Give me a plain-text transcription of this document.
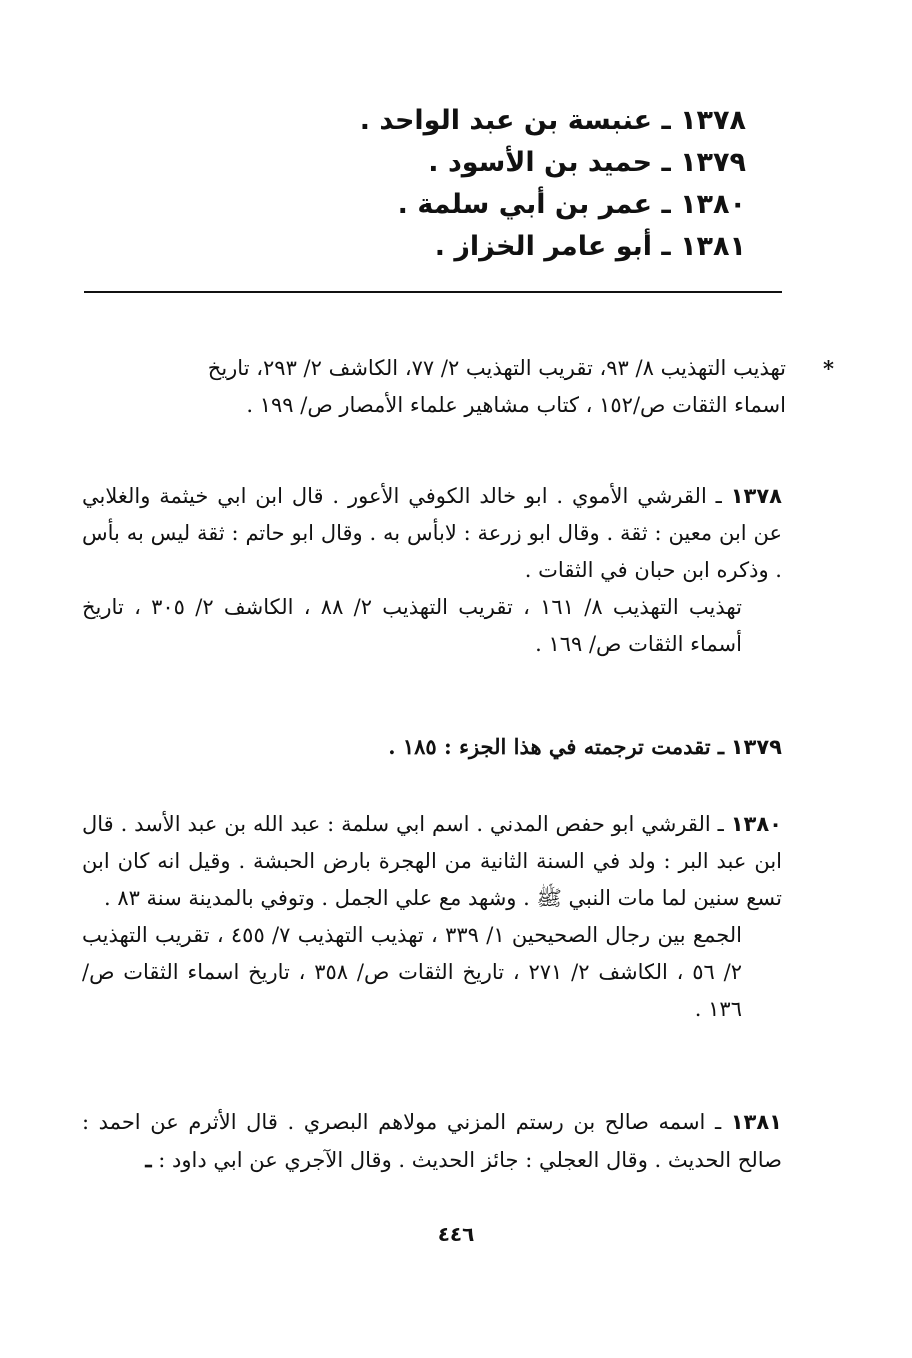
١٣٧٨ ـ عنبسة بن عبد الواحد .
١٣٧٩ ـ حميد بن الأسود .
١٣٨٠ ـ عمر بن أبي سلمة .
١٣٨١ ـ أبو عامر الخزاز .

*
تهذيب التهذيب ٨/ ٩٣، تقريب التهذيب ٢/ ٧٧، الكاشف ٢/ ٢٩٣، تاريخ

اسماء الثقات ص/١٥٢ ، كتاب مشاهير علماء الأمصار ص/ ١٩٩ .

١٣٧٨ ـ القرشي الأموي . ابو خالد الكوفي الأعور . قال ابن ابي خيثمة والغلابي عن ابن معين : ثقة . وقال ابو زرعة : لابأس به . وقال ابو حاتم : ثقة ليس به بأس . وذكره ابن حبان في الثقات .

تهذيب التهذيب ٨/ ١٦١ ، تقريب التهذيب ٢/ ٨٨ ، الكاشف ٢/ ٣٠٥ ، تاريخ أسماء الثقات ص/ ١٦٩ .

١٣٧٩ ـ تقدمت ترجمته في هذا الجزء : ١٨٥ .

١٣٨٠ ـ القرشي ابو حفص المدني . اسم ابي سلمة : عبد الله بن عبد الأسد . قال ابن عبد البر : ولد في السنة الثانية من الهجرة بارض الحبشة . وقيل انه كان ابن تسع سنين لما مات النبي ﷺ . وشهد مع علي الجمل . وتوفي بالمدينة سنة ٨٣ .

الجمع بين رجال الصحيحين ١/ ٣٣٩ ، تهذيب التهذيب ٧/ ٤٥٥ ، تقريب التهذيب ٢/ ٥٦ ، الكاشف ٢/ ٢٧١ ، تاريخ الثقات ص/ ٣٥٨ ، تاريخ اسماء الثقات ص/ ١٣٦ .

١٣٨١ ـ اسمه صالح بن رستم المزني مولاهم البصري . قال الأثرم عن احمد : صالح الحديث . وقال العجلي : جائز الحديث . وقال الآجري عن ابي داود : ـ

٤٤٦
